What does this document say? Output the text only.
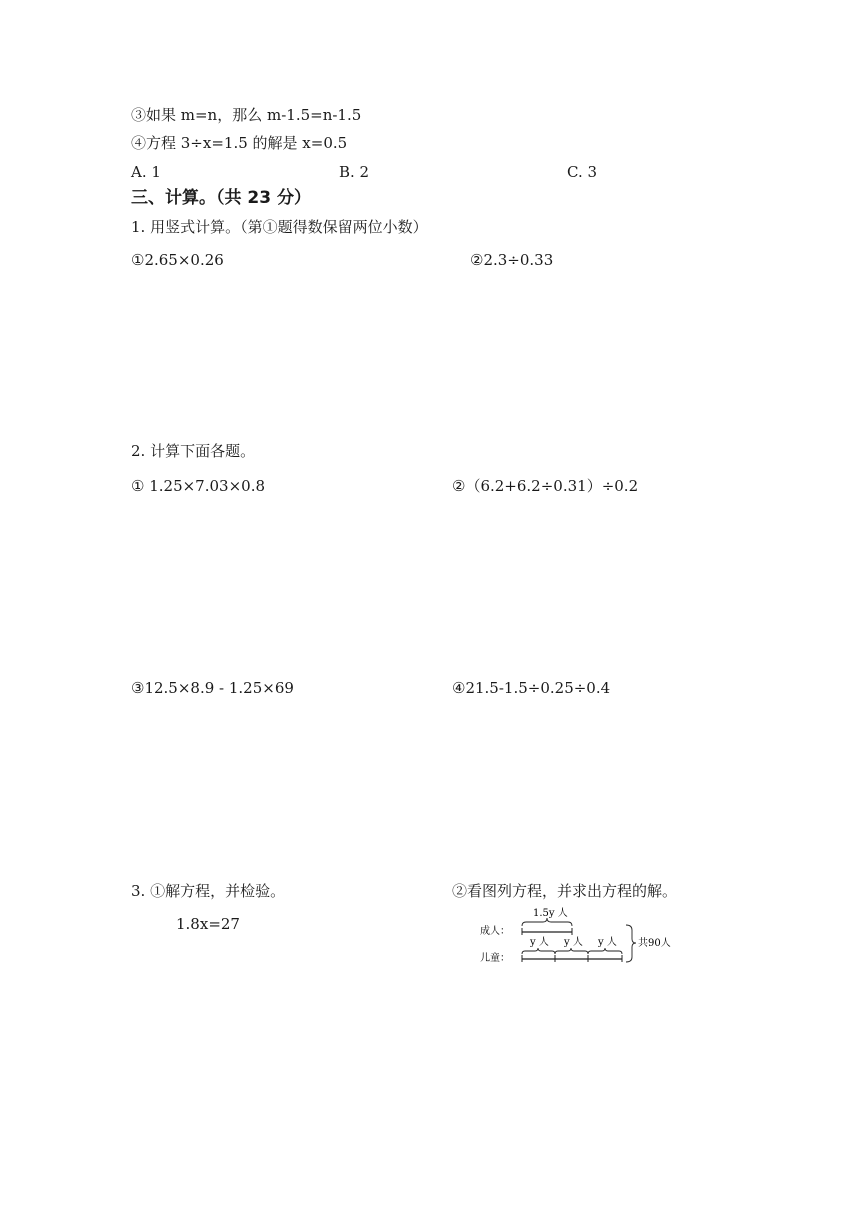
③如果 m=n，那么 m-1.5=n-1.5
④方程 3÷x=1.5 的解是 x=0.5
A. 1	B. 2	C. 3
三、计算。（共 23 分）
1. 用竖式计算。（第①题得数保留两位小数）
①2.65×0.26	②2.3÷0.33
2. 计算下面各题。
① 1.25×7.03×0.8	②（6.2+6.2÷0.31）÷0.2
③12.5×8.9 - 1.25×69	④21.5-1.5÷0.25÷0.4
3. ①解方程，并检验。
1.8x=27
②看图列方程，并求出方程的解。
成人：
1.5y 人
儿童：
y 人 y 人 y 人 共90人
